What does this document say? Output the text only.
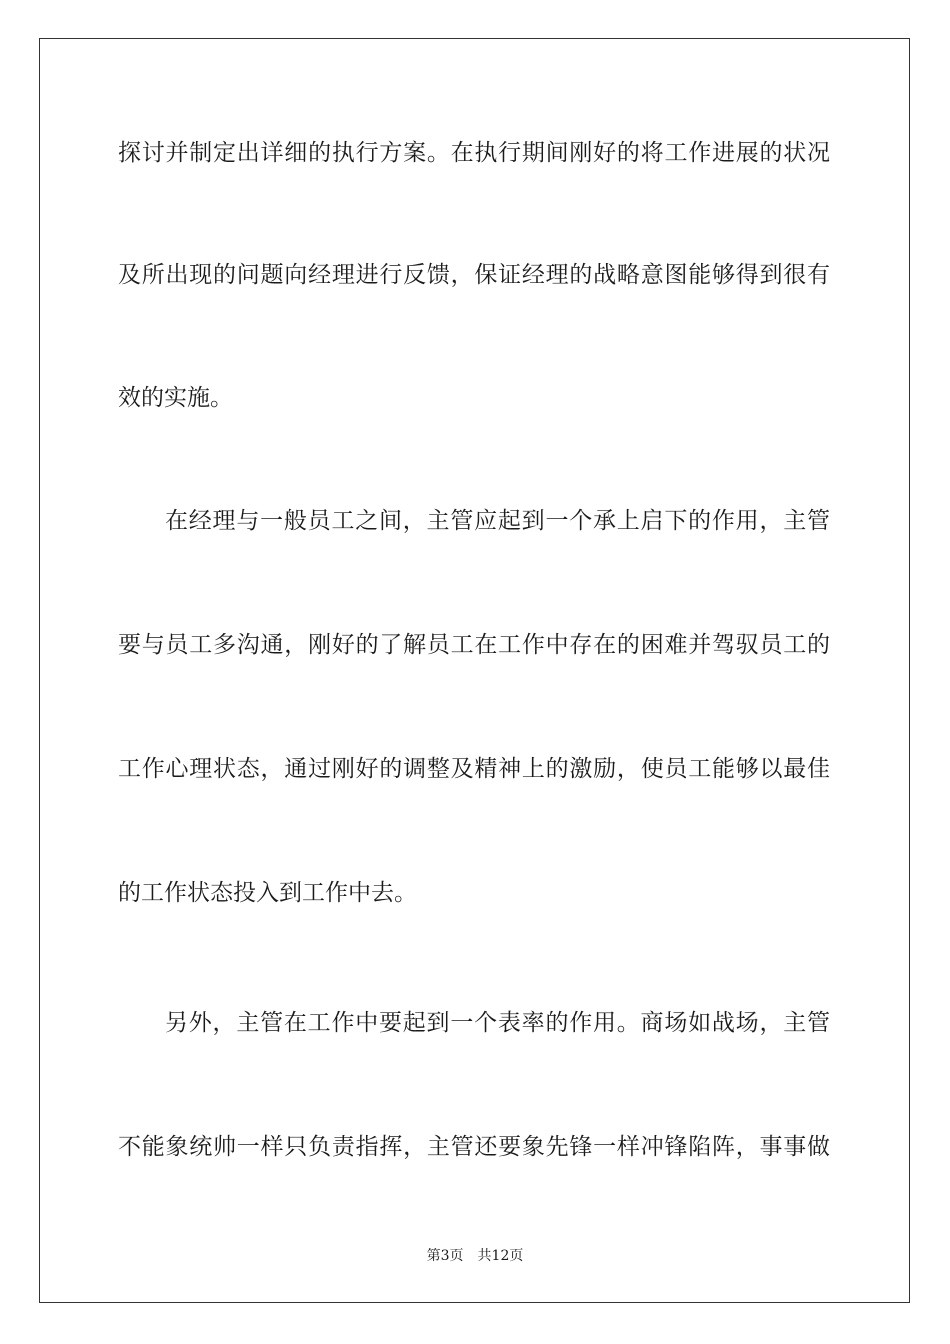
探讨并制定出详细的执行方案。在执行期间刚好的将工作进展的状况
及所出现的问题向经理进行反馈，保证经理的战略意图能够得到很有
效的实施。
在经理与一般员工之间，主管应起到一个承上启下的作用，主管
要与员工多沟通，刚好的了解员工在工作中存在的困难并驾驭员工的
工作心理状态，通过刚好的调整及精神上的激励，使员工能够以最佳
的工作状态投入到工作中去。
另外，主管在工作中要起到一个表率的作用。商场如战场，主管
不能象统帅一样只负责指挥，主管还要象先锋一样冲锋陷阵，事事做
第3页 共12页
